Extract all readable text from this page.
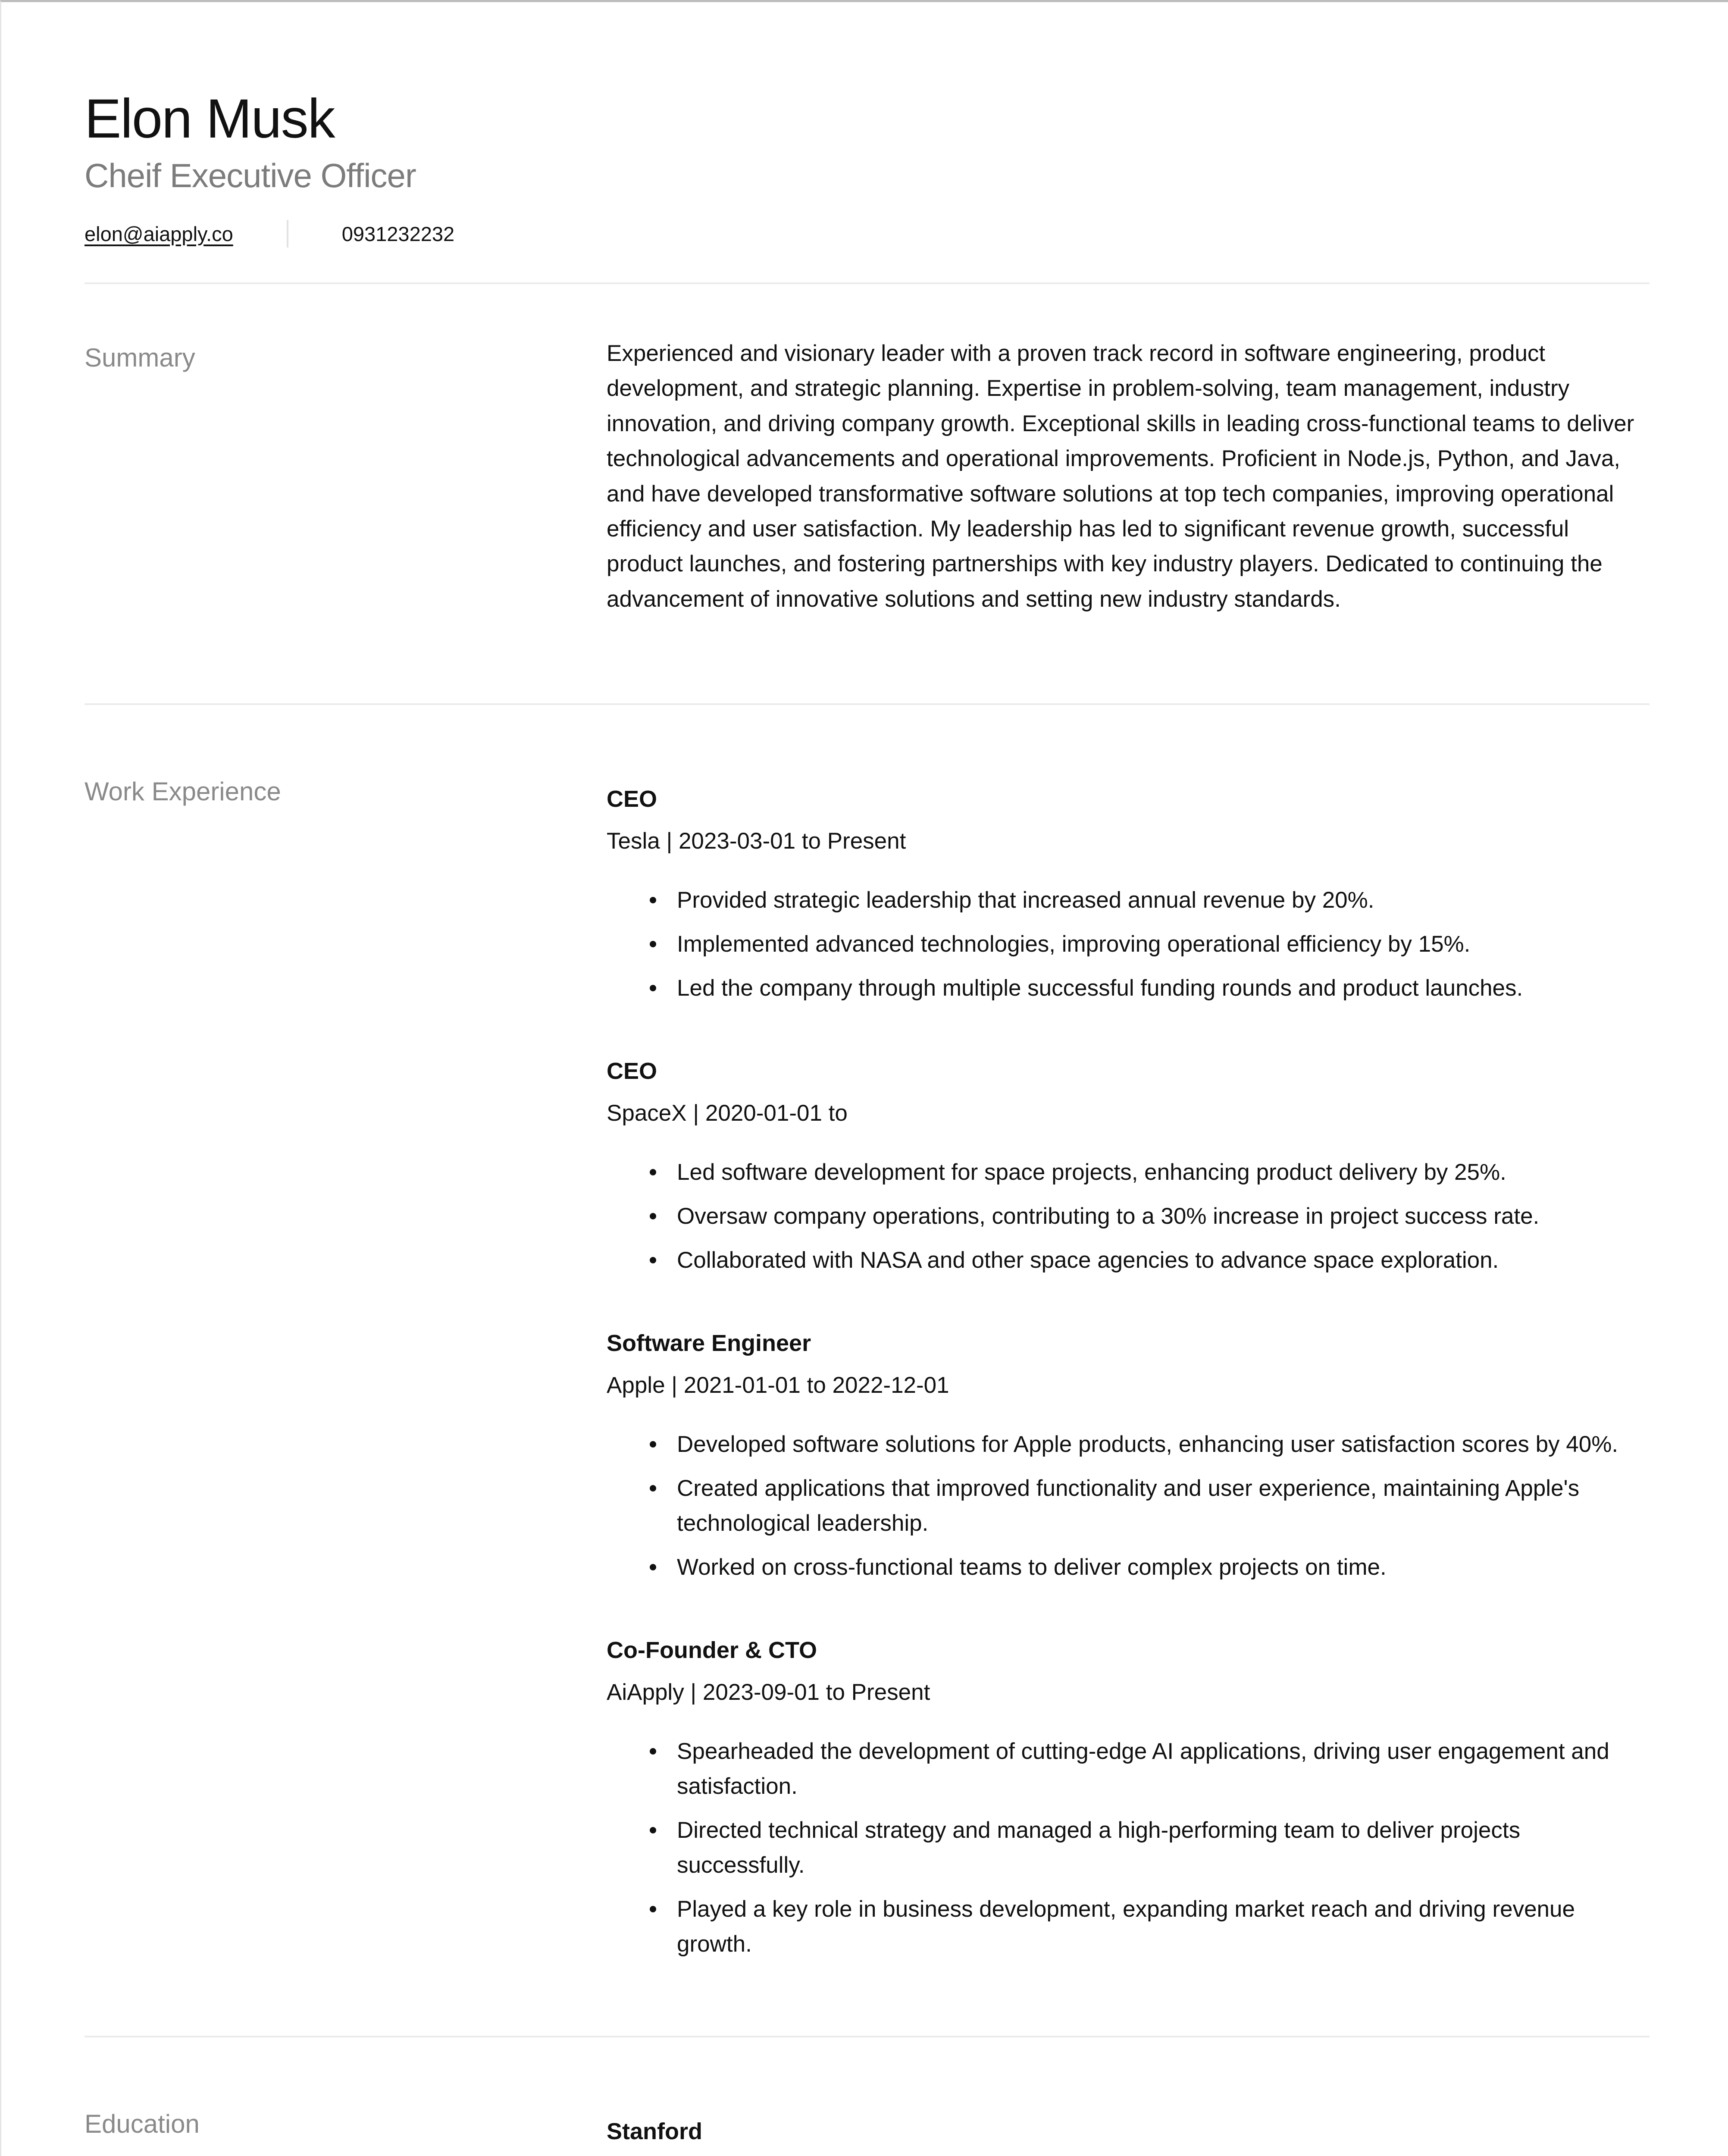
Elon Musk
Cheif Executive Officer
elon@aiapply.co	0931232232
Summary	Experienced and visionary leader with a proven track record in software engineering, product development, and strategic planning. Expertise in problem-solving, team management, industry innovation, and driving company growth. Exceptional skills in leading cross-functional teams to deliver technological advancements and operational improvements. Proficient in Node.js, Python, and Java, and have developed transformative software solutions at top tech companies, improving operational efficiency and user satisfaction. My leadership has led to significant revenue growth, successful product launches, and fostering partnerships with key industry players. Dedicated to continuing the advancement of innovative solutions and setting new industry standards.

Work Experience	CEO
Tesla | 2023-03-01 to Present
Provided strategic leadership that increased annual revenue by 20%.
Implemented advanced technologies, improving operational efficiency by 15%.
Led the company through multiple successful funding rounds and product launches.
CEO
SpaceX | 2020-01-01 to
Led software development for space projects, enhancing product delivery by 25%.
Oversaw company operations, contributing to a 30% increase in project success rate.
Collaborated with NASA and other space agencies to advance space exploration.
Software Engineer
Apple | 2021-01-01 to 2022-12-01
Developed software solutions for Apple products, enhancing user satisfaction scores by 40%.
Created applications that improved functionality and user experience, maintaining Apple's technological leadership.
Worked on cross-functional teams to deliver complex projects on time.
Co-Founder & CTO
AiApply | 2023-09-01 to Present
Spearheaded the development of cutting-edge AI applications, driving user engagement and satisfaction.
Directed technical strategy and managed a high-performing team to deliver projects successfully.
Played a key role in business development, expanding market reach and driving revenue growth.
Education	Stanford
